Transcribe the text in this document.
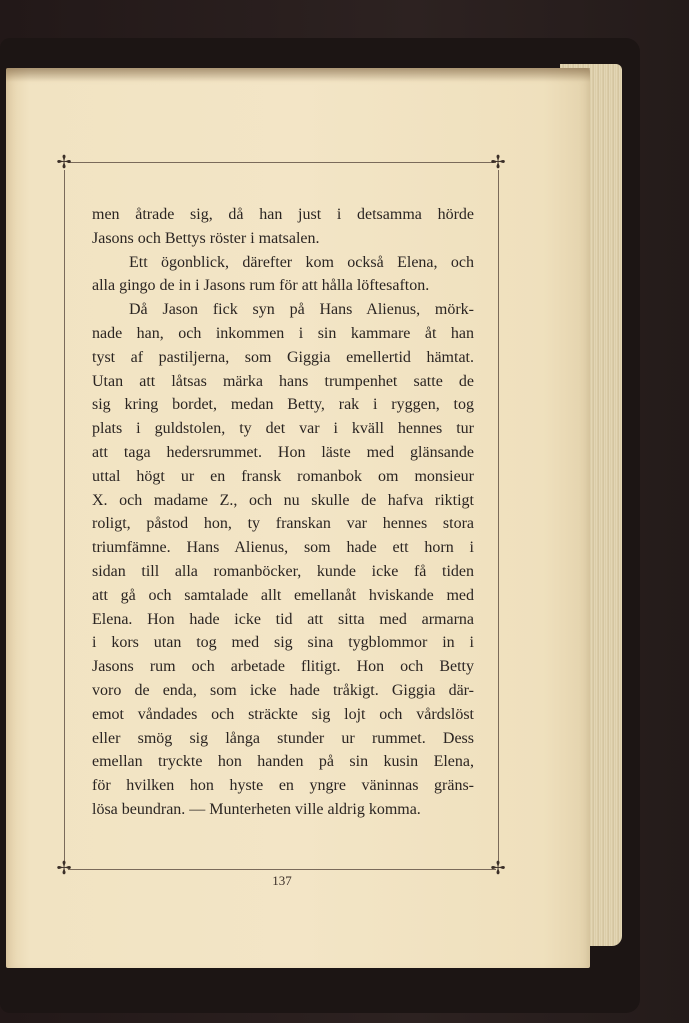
✢	✢
✢	✢
men åtrade sig, då han just i detsamma hörde
Jasons och Bettys röster i matsalen.
Ett ögonblick, därefter kom också Elena, och
alla gingo de in i Jasons rum för att hålla löftesafton.
Då Jason fick syn på Hans Alienus, mörk-
nade han, och inkommen i sin kammare åt han
tyst af pastiljerna, som Giggia emellertid hämtat.
Utan att låtsas märka hans trumpenhet satte de
sig kring bordet, medan Betty, rak i ryggen, tog
plats i guldstolen, ty det var i kväll hennes tur
att taga hedersrummet. Hon läste med glänsande
uttal högt ur en fransk romanbok om monsieur
X. och madame Z., och nu skulle de hafva riktigt
roligt, påstod hon, ty franskan var hennes stora
triumfämne. Hans Alienus, som hade ett horn i
sidan till alla romanböcker, kunde icke få tiden
att gå och samtalade allt emellanåt hviskande med
Elena. Hon hade icke tid att sitta med armarna
i kors utan tog med sig sina tygblommor in i
Jasons rum och arbetade flitigt. Hon och Betty
voro de enda, som icke hade tråkigt. Giggia där-
emot våndades och sträckte sig lojt och vårdslöst
eller smög sig långa stunder ur rummet. Dess
emellan tryckte hon handen på sin kusin Elena,
för hvilken hon hyste en yngre väninnas gräns-
lösa beundran. — Munterheten ville aldrig komma.
137
